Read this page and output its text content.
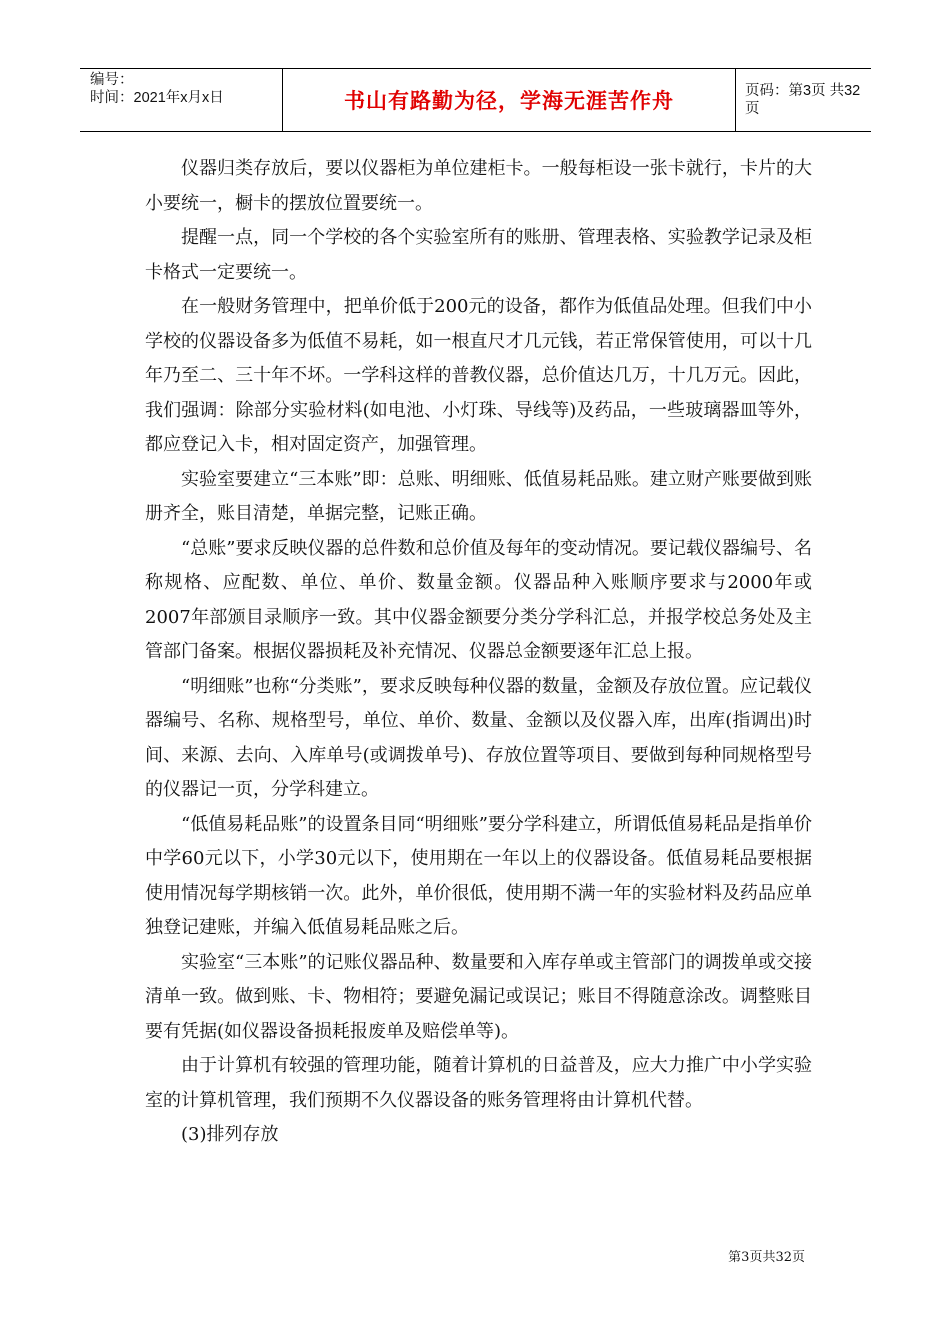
编号：
时间：2021年x月x日	书山有路勤为径，学海无涯苦作舟	页码：第3页 共32页

仪器归类存放后，要以仪器柜为单位建柜卡。一般每柜设一张卡就行，卡片的大小要统一，橱卡的摆放位置要统一。

提醒一点，同一个学校的各个实验室所有的账册、管理表格、实验教学记录及柜卡格式一定要统一。

在一般财务管理中，把单价低于200元的设备，都作为低值品处理。但我们中小学校的仪器设备多为低值不易耗，如一根直尺才几元钱，若正常保管使用，可以十几年乃至二、三十年不坏。一学科这样的普教仪器，总价值达几万，十几万元。因此，我们强调：除部分实验材料(如电池、小灯珠、导线等)及药品，一些玻璃器皿等外，都应登记入卡，相对固定资产，加强管理。

实验室要建立“三本账”即：总账、明细账、低值易耗品账。建立财产账要做到账册齐全，账目清楚，单据完整，记账正确。

“总账”要求反映仪器的总件数和总价值及每年的变动情况。要记载仪器编号、名称规格、应配数、单位、单价、数量金额。仪器品种入账顺序要求与2000年或2007年部颁目录顺序一致。其中仪器金额要分类分学科汇总，并报学校总务处及主管部门备案。根据仪器损耗及补充情况、仪器总金额要逐年汇总上报。

“明细账”也称“分类账”，要求反映每种仪器的数量，金额及存放位置。应记载仪器编号、名称、规格型号，单位、单价、数量、金额以及仪器入库，出库(指调出)时间、来源、去向、入库单号(或调拨单号)、存放位置等项目、要做到每种同规格型号的仪器记一页，分学科建立。

“低值易耗品账”的设置条目同“明细账”要分学科建立，所谓低值易耗品是指单价中学60元以下，小学30元以下，使用期在一年以上的仪器设备。低值易耗品要根据使用情况每学期核销一次。此外，单价很低，使用期不满一年的实验材料及药品应单独登记建账，并编入低值易耗品账之后。

实验室“三本账”的记账仪器品种、数量要和入库存单或主管部门的调拨单或交接清单一致。做到账、卡、物相符；要避免漏记或误记；账目不得随意涂改。调整账目要有凭据(如仪器设备损耗报废单及赔偿单等)。

由于计算机有较强的管理功能，随着计算机的日益普及，应大力推广中小学实验室的计算机管理，我们预期不久仪器设备的账务管理将由计算机代替。

(3)排列存放

第3页共32页
